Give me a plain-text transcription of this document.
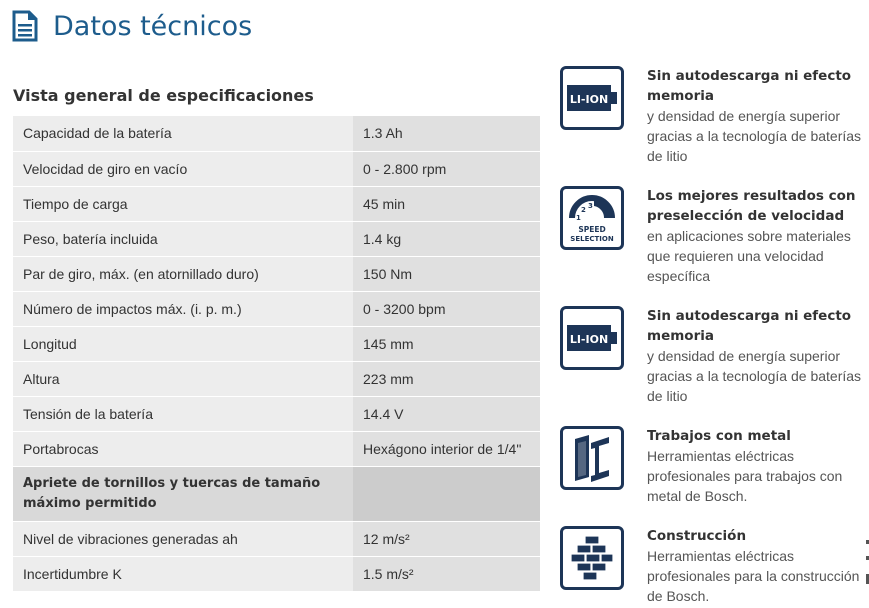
Datos técnicos
Vista general de especificaciones
Capacidad de la batería	1.3 Ah
Velocidad de giro en vacío	0 - 2.800 rpm
Tiempo de carga	45 min
Peso, batería incluida	1.4 kg
Par de giro, máx. (en atornillado duro)	150 Nm
Número de impactos máx. (i. p. m.)	0 - 3200 bpm
Longitud	145 mm
Altura	223 mm
Tensión de la batería	14.4 V
Portabrocas	Hexágono interior de 1/4"
Apriete de tornillos y tuercas de tamaño máximo permitido	
Nivel de vibraciones generadas ah	12 m/s²
Incertidumbre K	1.5 m/s²
LI-ION
Sin autodescarga ni efecto memoria
y densidad de energía superior gracias a la tecnología de baterías de litio
1
2 3
SPEED
SELECTION
Los mejores resultados con preselección de velocidad
en aplicaciones sobre materiales que requieren una velocidad específica
LI-ION
Sin autodescarga ni efecto memoria
y densidad de energía superior gracias a la tecnología de baterías de litio
Trabajos con metal
Herramientas eléctricas profesionales para trabajos con metal de Bosch.
Construcción
Herramientas eléctricas profesionales para la construcción de Bosch.
